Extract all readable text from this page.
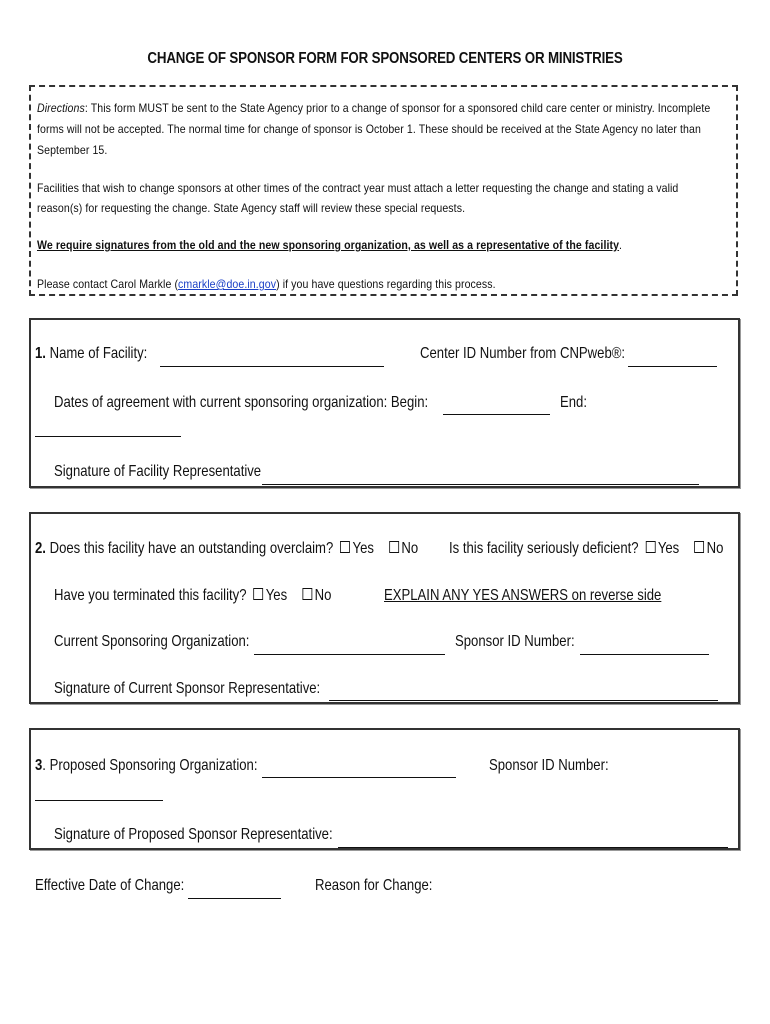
CHANGE OF SPONSOR FORM FOR SPONSORED CENTERS OR MINISTRIES
Directions: This form MUST be sent to the State Agency prior to a change of sponsor for a sponsored child care center or ministry. Incomplete
forms will not be accepted. The normal time for change of sponsor is October 1. These should be received at the State Agency no later than
September 15.
Facilities that wish to change sponsors at other times of the contract year must attach a letter requesting the change and stating a valid
reason(s) for requesting the change. State Agency staff will review these special requests.
We require signatures from the old and the new sponsoring organization, as well as a representative of the facility.
Please contact Carol Markle (cmarkle@doe.in.gov) if you have questions regarding this process.
1. Name of Facility:	Center ID Number from CNPweb®:
Dates of agreement with current sponsoring organization: Begin:	End:
Signature of Facility Representative
2. Does this facility have an outstanding overclaim? Yes No Is this facility seriously deficient? Yes No
Have you terminated this facility? Yes No	EXPLAIN ANY YES ANSWERS on reverse side
Current Sponsoring Organization:	Sponsor ID Number:
Signature of Current Sponsor Representative:
3. Proposed Sponsoring Organization:	Sponsor ID Number:
Signature of Proposed Sponsor Representative:
Effective Date of Change:	Reason for Change:
